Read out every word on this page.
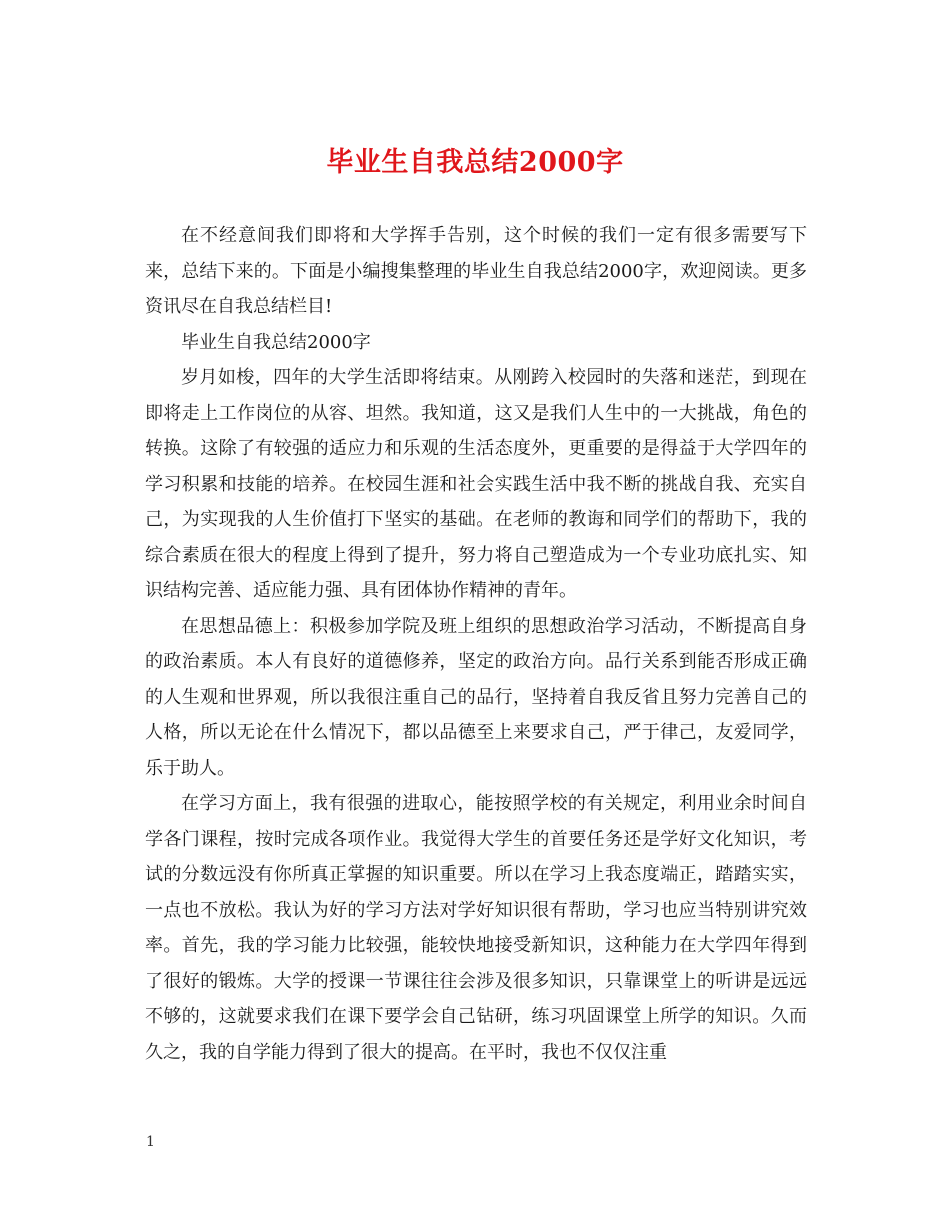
毕业生自我总结2000字

在不经意间我们即将和大学挥手告别，这个时候的我们一定有很多需要写下来，总结下来的。下面是小编搜集整理的毕业生自我总结2000字，欢迎阅读。更多资讯尽在自我总结栏目!

毕业生自我总结2000字

岁月如梭，四年的大学生活即将结束。从刚跨入校园时的失落和迷茫，到现在即将走上工作岗位的从容、坦然。我知道，这又是我们人生中的一大挑战，角色的转换。这除了有较强的适应力和乐观的生活态度外，更重要的是得益于大学四年的学习积累和技能的培养。在校园生涯和社会实践生活中我不断的挑战自我、充实自己，为实现我的人生价值打下坚实的基础。在老师的教诲和同学们的帮助下，我的综合素质在很大的程度上得到了提升，努力将自己塑造成为一个专业功底扎实、知识结构完善、适应能力强、具有团体协作精神的青年。

在思想品德上：积极参加学院及班上组织的思想政治学习活动，不断提高自身的政治素质。本人有良好的道德修养，坚定的政治方向。品行关系到能否形成正确的人生观和世界观，所以我很注重自己的品行，坚持着自我反省且努力完善自己的人格，所以无论在什么情况下，都以品德至上来要求自己，严于律己，友爱同学，乐于助人。

在学习方面上，我有很强的进取心，能按照学校的有关规定，利用业余时间自学各门课程，按时完成各项作业。我觉得大学生的首要任务还是学好文化知识，考试的分数远没有你所真正掌握的知识重要。所以在学习上我态度端正，踏踏实实，一点也不放松。我认为好的学习方法对学好知识很有帮助，学习也应当特别讲究效率。首先，我的学习能力比较强，能较快地接受新知识，这种能力在大学四年得到了很好的锻炼。大学的授课一节课往往会涉及很多知识，只靠课堂上的听讲是远远不够的，这就要求我们在课下要学会自己钻研，练习巩固课堂上所学的知识。久而久之，我的自学能力得到了很大的提高。在平时，我也不仅仅注重

1
